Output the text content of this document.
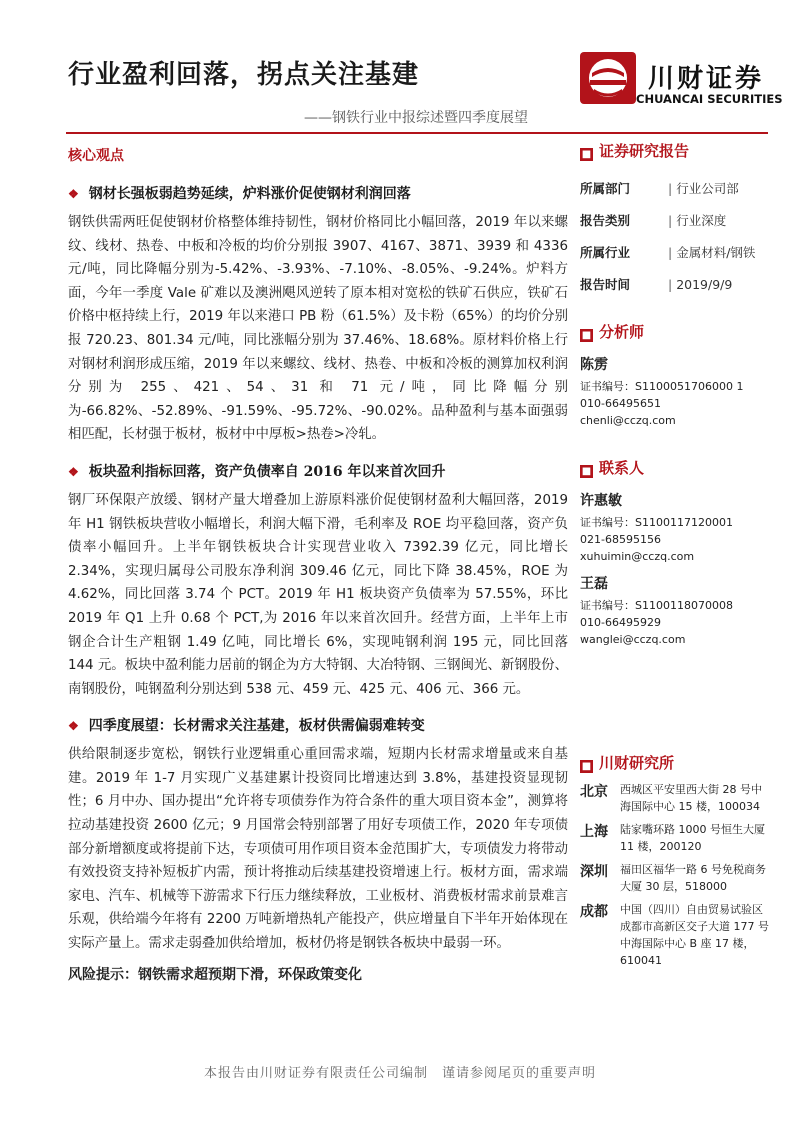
行业盈利回落，拐点关注基建
——钢铁行业中报综述暨四季度展望
川财证券
CHUANCAI SECURITIES
核心观点
❖ 钢材长强板弱趋势延续，炉料涨价促使钢材利润回落

钢铁供需两旺促使钢材价格整体维持韧性，钢材价格同比小幅回落，2019 年以来螺纹、线材、热卷、中板和冷板的均价分别报 3907、4167、3871、3939 和 4336 元/吨，同比降幅分别为-5.42%、-3.93%、-7.10%、-8.05%、-9.24%。炉料方面，今年一季度 Vale 矿难以及澳洲飓风逆转了原本相对宽松的铁矿石供应，铁矿石价格中枢持续上行，2019 年以来港口 PB 粉（61.5%）及卡粉（65%）的均价分别报 720.23、801.34 元/吨，同比涨幅分别为 37.46%、18.68%。原材料价格上行对钢材利润形成压缩，2019 年以来螺纹、线材、热卷、中板和冷板的测算加权利润分别为 255、421、54、31 和 71 元/吨，同比降幅分别为-66.82%、-52.89%、-91.59%、-95.72%、-90.02%。品种盈利与基本面强弱相匹配，长材强于板材，板材中中厚板>热卷>冷轧。

❖ 板块盈利指标回落，资产负债率自 2016 年以来首次回升

钢厂环保限产放缓、钢材产量大增叠加上游原料涨价促使钢材盈利大幅回落，2019 年 H1 钢铁板块营收小幅增长，利润大幅下滑，毛利率及 ROE 均平稳回落，资产负债率小幅回升。上半年钢铁板块合计实现营业收入 7392.39 亿元，同比增长 2.34%，实现归属母公司股东净利润 309.46 亿元，同比下降 38.45%，ROE 为 4.62%，同比回落 3.74 个 PCT。2019 年 H1 板块资产负债率为 57.55%，环比 2019 年 Q1 上升 0.68 个 PCT,为 2016 年以来首次回升。经营方面，上半年上市钢企合计生产粗钢 1.49 亿吨，同比增长 6%，实现吨钢利润 195 元，同比回落 144 元。板块中盈利能力居前的钢企为方大特钢、大冶特钢、三钢闽光、新钢股份、南钢股份，吨钢盈利分别达到 538 元、459 元、425 元、406 元、366 元。

❖ 四季度展望：长材需求关注基建，板材供需偏弱难转变

供给限制逐步宽松，钢铁行业逻辑重心重回需求端，短期内长材需求增量或来自基建。2019 年 1-7 月实现广义基建累计投资同比增速达到 3.8%，基建投资显现韧性；6 月中办、国办提出“允许将专项债券作为符合条件的重大项目资本金”，测算将拉动基建投资 2600 亿元；9 月国常会特别部署了用好专项债工作，2020 年专项债部分新增额度或将提前下达，专项债可用作项目资本金范围扩大，专项债发力将带动有效投资支持补短板扩内需，预计将推动后续基建投资增速上行。板材方面，需求端家电、汽车、机械等下游需求下行压力继续释放，工业板材、消费板材需求前景难言乐观，供给端今年将有 2200 万吨新增热轧产能投产，供应增量自下半年开始体现在实际产量上。需求走弱叠加供给增加，板材仍将是钢铁各板块中最弱一环。

风险提示：钢铁需求超预期下滑，环保政策变化
■ 证券研究报告
所属部门	| 行业公司部
报告类别	| 行业深度
所属行业	| 金属材料/钢铁
报告时间	| 2019/9/9
■ 分析师
陈雳
证书编号：S1100051706000 1
010-66495651
chenli@cczq.com
■ 联系人
许惠敏
证书编号：S1100117120001
021-68595156
xuhuimin@cczq.com
王磊
证书编号：S1100118070008
010-66495929
wanglei@cczq.com
■ 川财研究所
北京	西城区平安里西大街 28 号中海国际中心 15 楼，100034
上海	陆家嘴环路 1000 号恒生大厦 11 楼，200120
深圳	福田区福华一路 6 号免税商务大厦 30 层，518000
成都	中国（四川）自由贸易试验区成都市高新区交子大道 177 号中海国际中心 B 座 17 楼，610041
本报告由川财证券有限责任公司编制　谨请参阅尾页的重要声明
